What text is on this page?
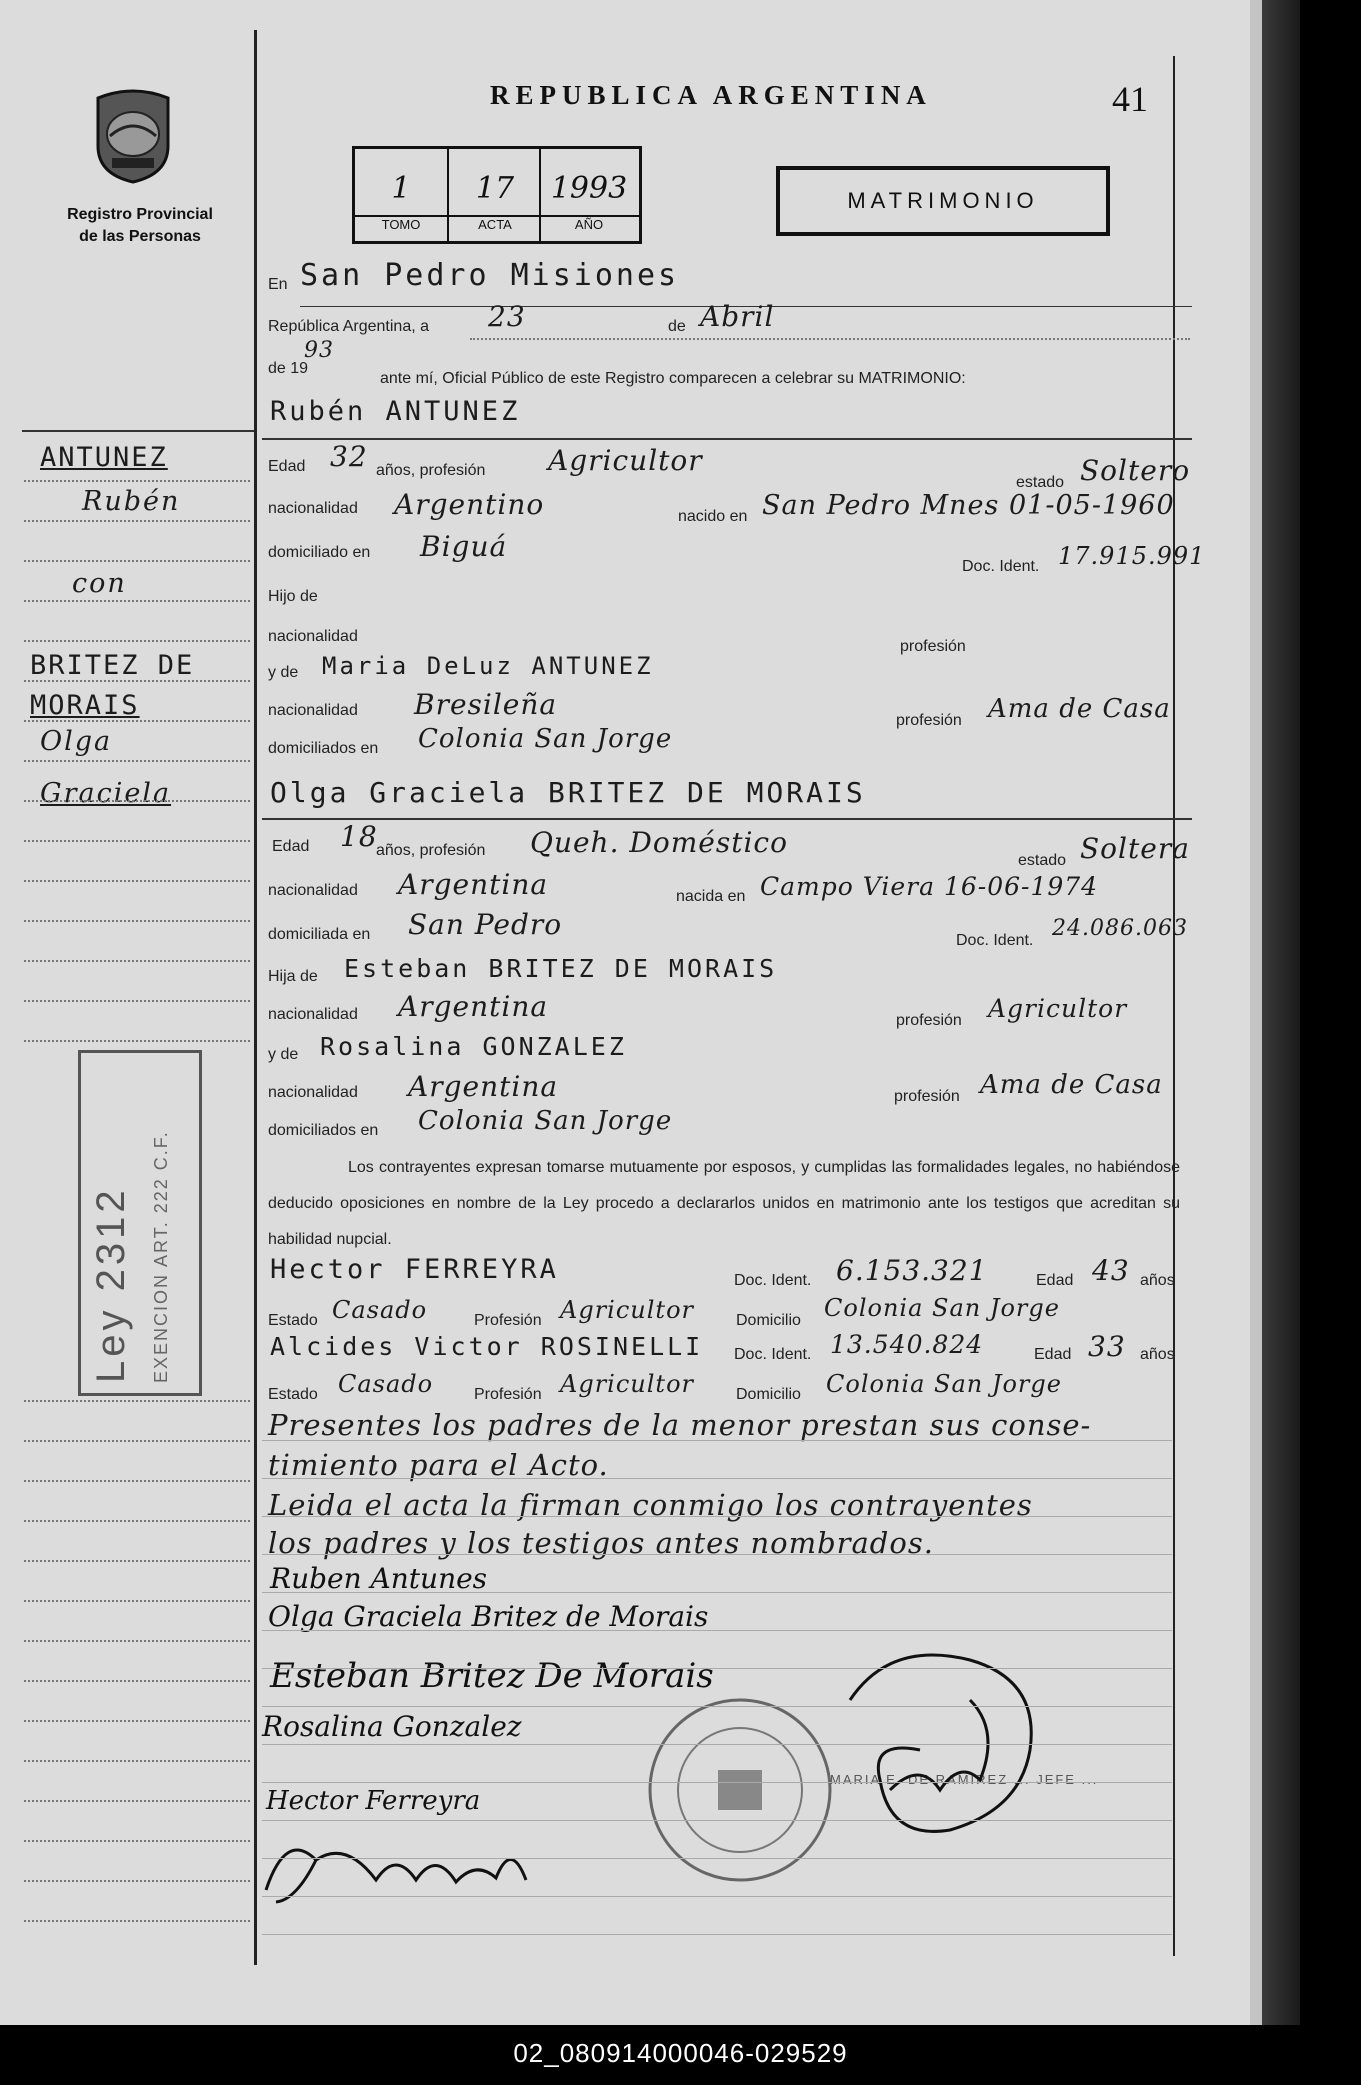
Registro Provincial
de las Personas
REPUBLICA ARGENTINA	41
1	17	1993
TOMO	ACTA	AÑO
MATRIMONIO
ANTUNEZ
Rubén
con
BRITEZ DE
MORAIS
Olga
Graciela
Ley 2312 EXENCION ART. 222 C.F.
En San Pedro Misiones
República Argentina, a 23	de Abril
de 19
93
ante mí, Oficial Público de este Registro comparecen a celebrar su MATRIMONIO:
Rubén ANTUNEZ
Edad 32 años, profesión Agricultor
estado Soltero
nacionalidad Argentino	nacido en San Pedro Mnes 01-05-1960
domiciliado en Biguá
Doc. Ident. 17.915.991
Hijo de
nacionalidad
profesión
y de Maria DeLuz ANTUNEZ
nacionalidad Bresileña	profesión Ama de Casa
domiciliados en Colonia San Jorge
Olga Graciela BRITEZ DE MORAIS
Edad 18
años, profesión Queh. Doméstico
estado Soltera
nacionalidad Argentina	nacida en Campo Viera 16-06-1974
domiciliada en San Pedro	Doc. Ident. 24.086.063
Hija de Esteban BRITEZ DE MORAIS
nacionalidad Argentina	profesión Agricultor
y de Rosalina GONZALEZ
nacionalidad Argentina	profesión Ama de Casa
domiciliados en Colonia San Jorge
Los contrayentes expresan tomarse mutuamente por esposos, y cumplidas las formalidades legales, no habiéndose deducido oposiciones en nombre de la Ley procedo a declararlos unidos en matrimonio ante los testigos que acreditan su habilidad nupcial.
Hector FERREYRA	Doc. Ident. 6.153.321	Edad 43 años
Estado Casado	Profesión Agricultor	Domicilio Colonia San Jorge
Alcides Victor ROSINELLI Doc. Ident. 13.540.824	Edad 33 años
Estado Casado	Profesión Agricultor	Domicilio Colonia San Jorge
Presentes los padres de la menor prestan sus conse-
timiento para el Acto.
Leida el acta la firman conmigo los contrayentes
los padres y los testigos antes nombrados.
Ruben Antunes
Olga Graciela Britez de Morais
Esteban Britez De Morais
Rosalina Gonzalez
Hector Ferreyra
MARIA E. DE RAMIREZ ... JEFE ...
02_080914000046-029529
